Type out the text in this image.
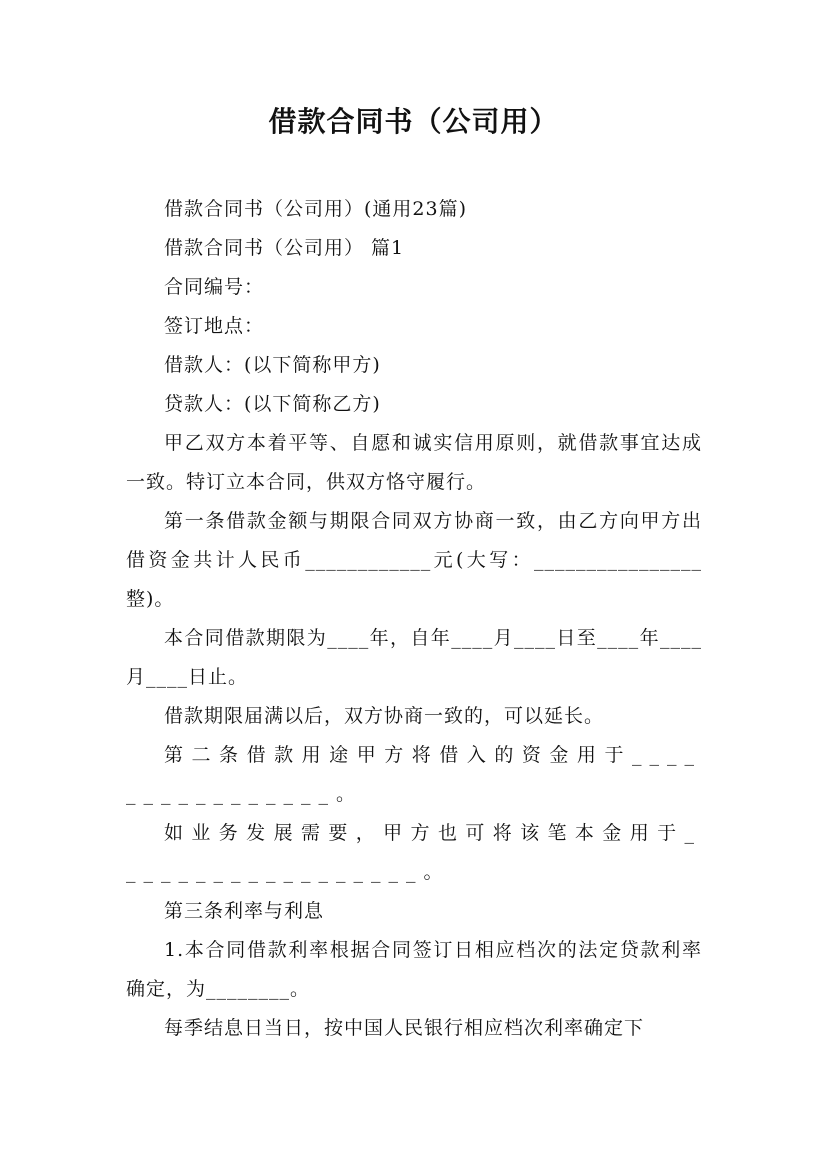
借款合同书（公司用）

借款合同书（公司用）(通用23篇)

借款合同书（公司用） 篇1

合同编号：

签订地点：

借款人：(以下简称甲方)

贷款人：(以下简称乙方)

甲乙双方本着平等、自愿和诚实信用原则，就借款事宜达成一致。特订立本合同，供双方恪守履行。

第一条借款金额与期限合同双方协商一致，由乙方向甲方出借资金共计人民币____________元(大写：________________整)。

本合同借款期限为____年，自年____月____日至____年____月____日止。

借款期限届满以后，双方协商一致的，可以延长。

第二条借款用途甲方将借入的资金用于________________。

如业务发展需要，甲方也可将该笔本金用于__________________。

第三条利率与利息

1.本合同借款利率根据合同签订日相应档次的法定贷款利率确定，为________。

每季结息日当日，按中国人民银行相应档次利率确定下
